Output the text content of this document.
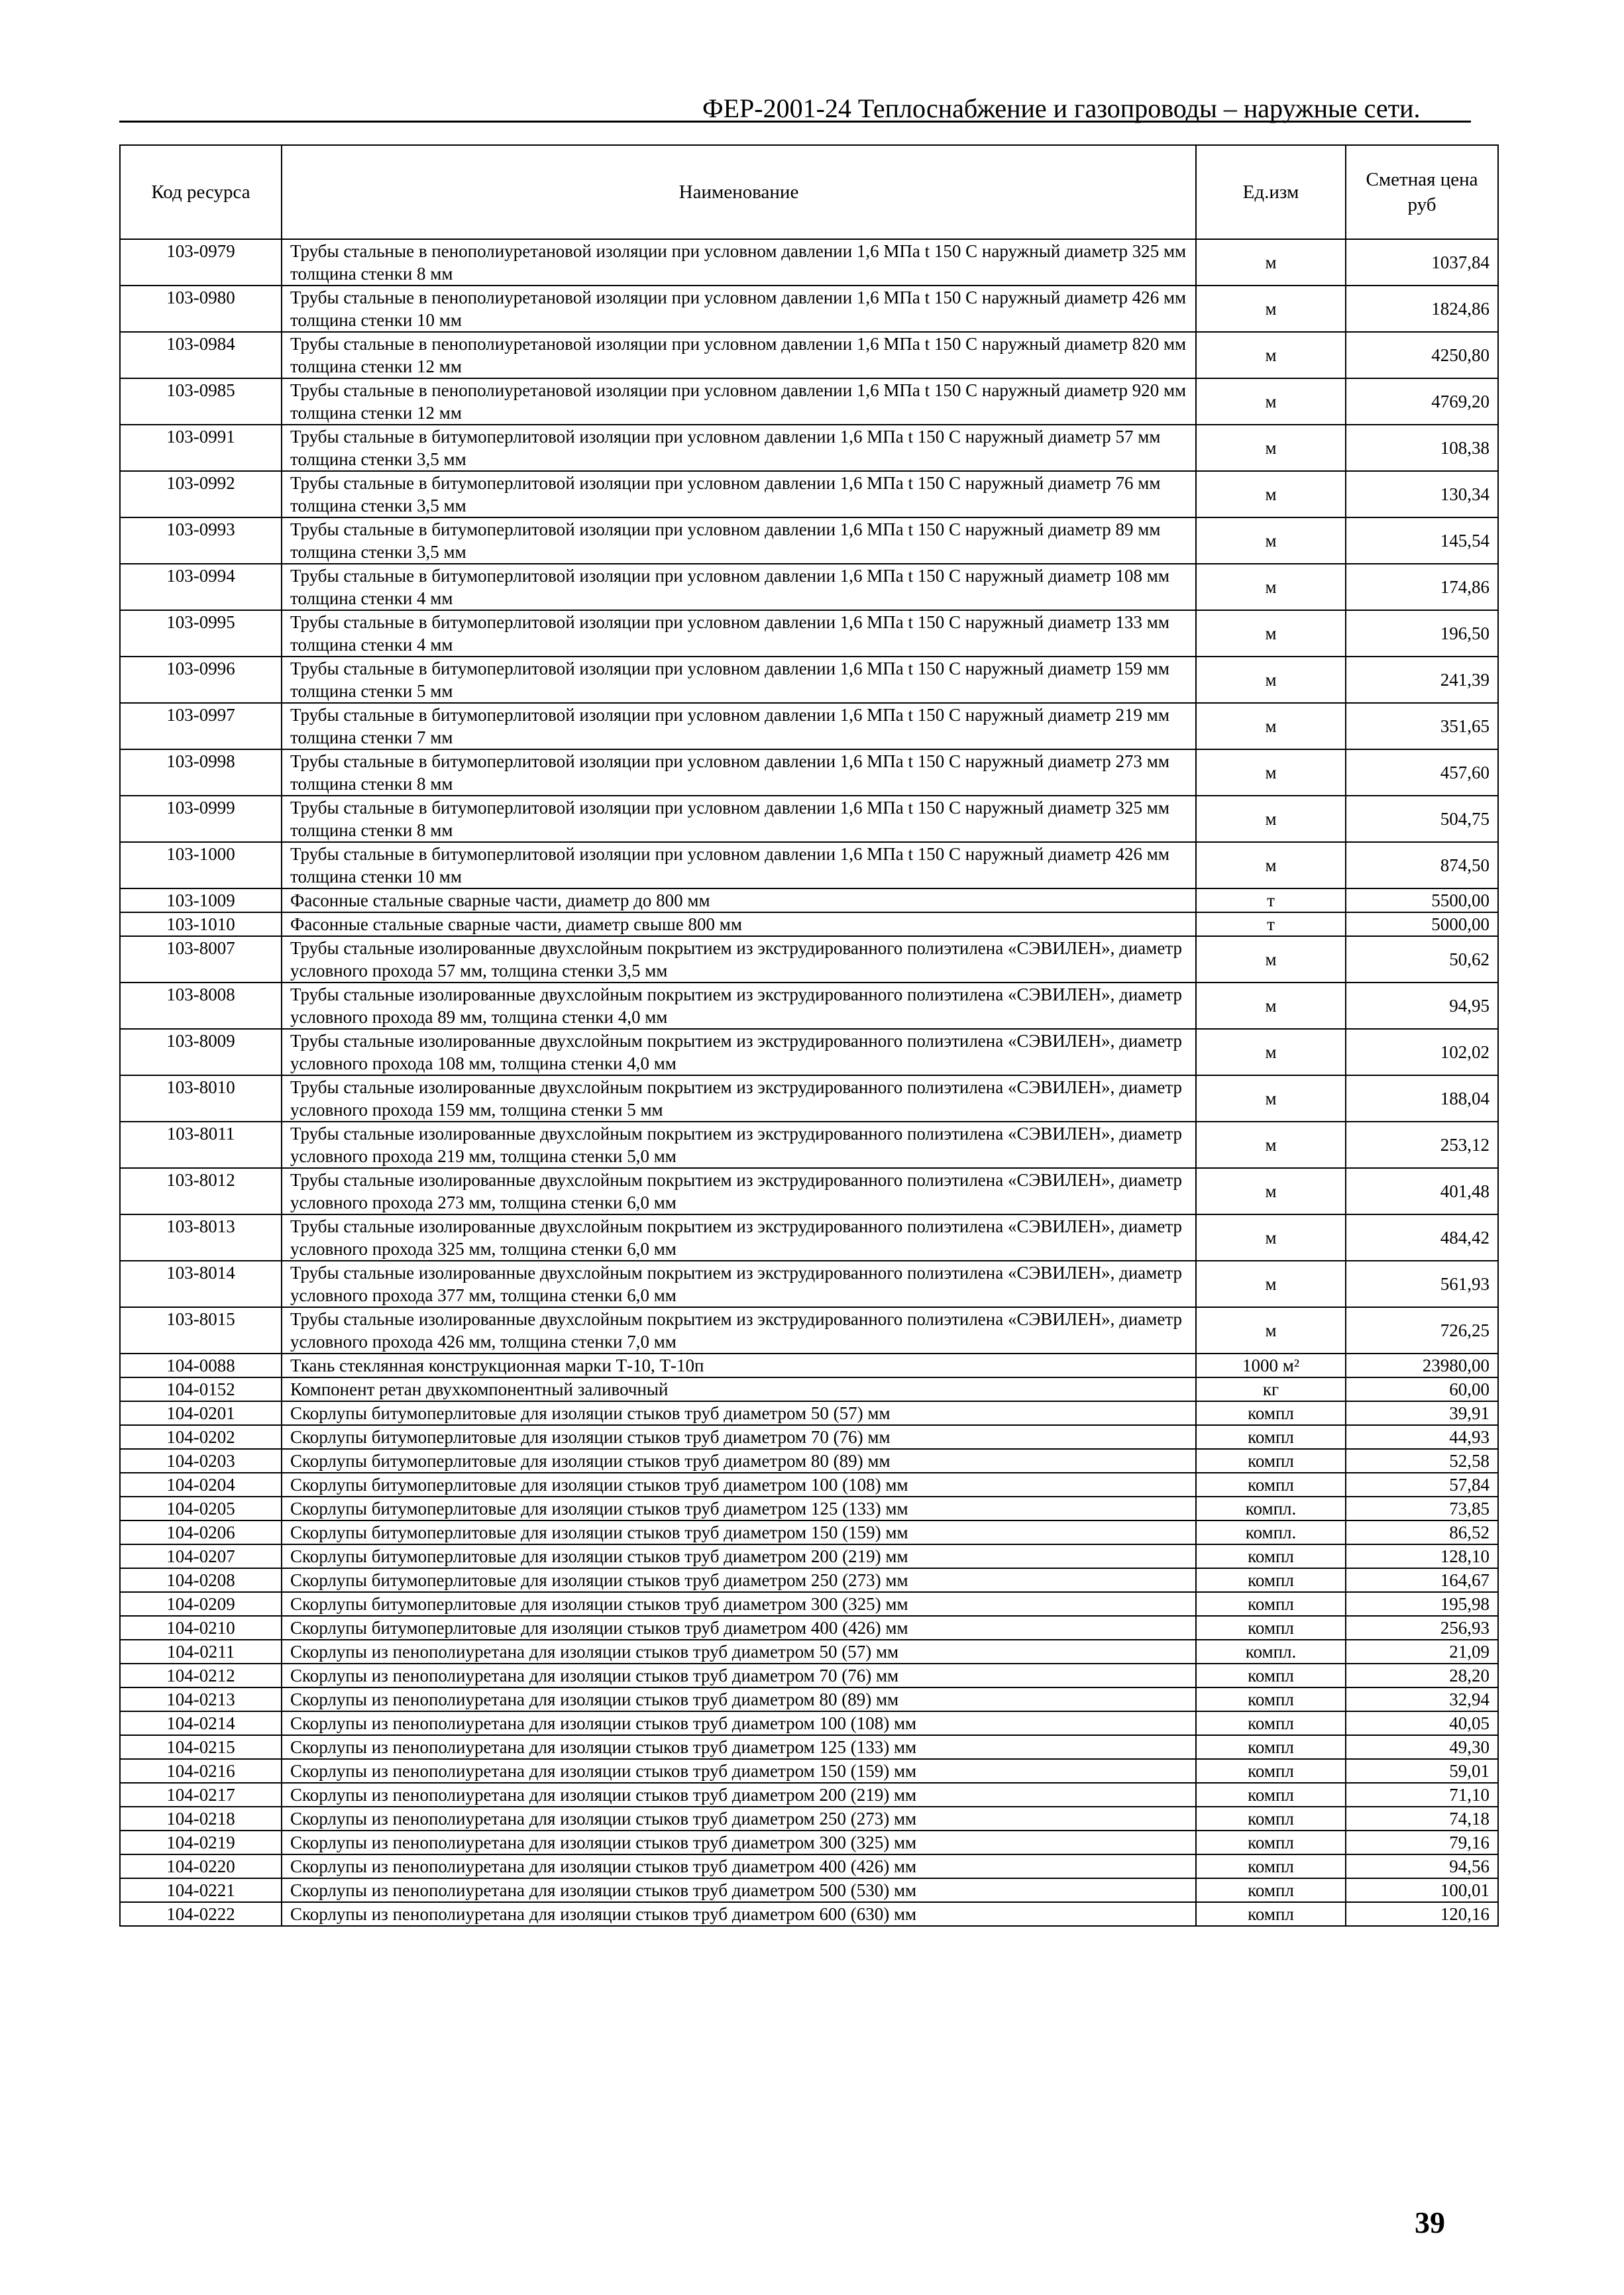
ФЕР-2001-24 Теплоснабжение и газопроводы – наружные сети.
Код ресурса	Наименование	Ед.изм	Сметная цена руб
103-0979	Трубы стальные в пенополиуретановой изоляции при условном давлении 1,6 МПа t 150 С наружный диаметр 325 мм толщина стенки 8 мм	м	1037,84
103-0980	Трубы стальные в пенополиуретановой изоляции при условном давлении 1,6 МПа t 150 С наружный диаметр 426 мм толщина стенки 10 мм	м	1824,86
103-0984	Трубы стальные в пенополиуретановой изоляции при условном давлении 1,6 МПа t 150 С наружный диаметр 820 мм толщина стенки 12 мм	м	4250,80
103-0985	Трубы стальные в пенополиуретановой изоляции при условном давлении 1,6 МПа t 150 С наружный диаметр 920 мм толщина стенки 12 мм	м	4769,20
103-0991	Трубы стальные в битумоперлитовой изоляции при условном давлении 1,6 МПа t 150 С наружный диаметр 57 мм толщина стенки 3,5 мм	м	108,38
103-0992	Трубы стальные в битумоперлитовой изоляции при условном давлении 1,6 МПа t 150 С наружный диаметр 76 мм толщина стенки 3,5 мм	м	130,34
103-0993	Трубы стальные в битумоперлитовой изоляции при условном давлении 1,6 МПа t 150 С наружный диаметр 89 мм толщина стенки 3,5 мм	м	145,54
103-0994	Трубы стальные в битумоперлитовой изоляции при условном давлении 1,6 МПа t 150 С наружный диаметр 108 мм толщина стенки 4 мм	м	174,86
103-0995	Трубы стальные в битумоперлитовой изоляции при условном давлении 1,6 МПа t 150 С наружный диаметр 133 мм толщина стенки 4 мм	м	196,50
103-0996	Трубы стальные в битумоперлитовой изоляции при условном давлении 1,6 МПа t 150 С наружный диаметр 159 мм толщина стенки 5 мм	м	241,39
103-0997	Трубы стальные в битумоперлитовой изоляции при условном давлении 1,6 МПа t 150 С наружный диаметр 219 мм толщина стенки 7 мм	м	351,65
103-0998	Трубы стальные в битумоперлитовой изоляции при условном давлении 1,6 МПа t 150 С наружный диаметр 273 мм толщина стенки 8 мм	м	457,60
103-0999	Трубы стальные в битумоперлитовой изоляции при условном давлении 1,6 МПа t 150 С наружный диаметр 325 мм толщина стенки 8 мм	м	504,75
103-1000	Трубы стальные в битумоперлитовой изоляции при условном давлении 1,6 МПа t 150 С наружный диаметр 426 мм толщина стенки 10 мм	м	874,50
103-1009	Фасонные стальные сварные части, диаметр до 800 мм	т	5500,00
103-1010	Фасонные стальные сварные части, диаметр свыше 800 мм	т	5000,00
103-8007	Трубы стальные изолированные двухслойным покрытием из экструдированного полиэтилена «СЭВИЛЕН», диаметр условного прохода 57 мм, толщина стенки 3,5 мм	м	50,62
103-8008	Трубы стальные изолированные двухслойным покрытием из экструдированного полиэтилена «СЭВИЛЕН», диаметр условного прохода 89 мм, толщина стенки 4,0 мм	м	94,95
103-8009	Трубы стальные изолированные двухслойным покрытием из экструдированного полиэтилена «СЭВИЛЕН», диаметр условного прохода 108 мм, толщина стенки 4,0 мм	м	102,02
103-8010	Трубы стальные изолированные двухслойным покрытием из экструдированного полиэтилена «СЭВИЛЕН», диаметр условного прохода 159 мм, толщина стенки 5 мм	м	188,04
103-8011	Трубы стальные изолированные двухслойным покрытием из экструдированного полиэтилена «СЭВИЛЕН», диаметр условного прохода 219 мм, толщина стенки 5,0 мм	м	253,12
103-8012	Трубы стальные изолированные двухслойным покрытием из экструдированного полиэтилена «СЭВИЛЕН», диаметр условного прохода 273 мм, толщина стенки 6,0 мм	м	401,48
103-8013	Трубы стальные изолированные двухслойным покрытием из экструдированного полиэтилена «СЭВИЛЕН», диаметр условного прохода 325 мм, толщина стенки 6,0 мм	м	484,42
103-8014	Трубы стальные изолированные двухслойным покрытием из экструдированного полиэтилена «СЭВИЛЕН», диаметр условного прохода 377 мм, толщина стенки 6,0 мм	м	561,93
103-8015	Трубы стальные изолированные двухслойным покрытием из экструдированного полиэтилена «СЭВИЛЕН», диаметр условного прохода 426 мм, толщина стенки 7,0 мм	м	726,25
104-0088	Ткань стеклянная конструкционная марки Т-10, Т-10п	1000 м²	23980,00
104-0152	Компонент ретан двухкомпонентный заливочный	кг	60,00
104-0201	Скорлупы битумоперлитовые для изоляции стыков труб диаметром 50 (57) мм	компл	39,91
104-0202	Скорлупы битумоперлитовые для изоляции стыков труб диаметром 70 (76) мм	компл	44,93
104-0203	Скорлупы битумоперлитовые для изоляции стыков труб диаметром 80 (89) мм	компл	52,58
104-0204	Скорлупы битумоперлитовые для изоляции стыков труб диаметром 100 (108) мм	компл	57,84
104-0205	Скорлупы битумоперлитовые для изоляции стыков труб диаметром 125 (133) мм	компл.	73,85
104-0206	Скорлупы битумоперлитовые для изоляции стыков труб диаметром 150 (159) мм	компл.	86,52
104-0207	Скорлупы битумоперлитовые для изоляции стыков труб диаметром 200 (219) мм	компл	128,10
104-0208	Скорлупы битумоперлитовые для изоляции стыков труб диаметром 250 (273) мм	компл	164,67
104-0209	Скорлупы битумоперлитовые для изоляции стыков труб диаметром 300 (325) мм	компл	195,98
104-0210	Скорлупы битумоперлитовые для изоляции стыков труб диаметром 400 (426) мм	компл	256,93
104-0211	Скорлупы из пенополиуретана для изоляции стыков труб диаметром 50 (57) мм	компл.	21,09
104-0212	Скорлупы из пенополиуретана для изоляции стыков труб диаметром 70 (76) мм	компл	28,20
104-0213	Скорлупы из пенополиуретана для изоляции стыков труб диаметром 80 (89) мм	компл	32,94
104-0214	Скорлупы из пенополиуретана для изоляции стыков труб диаметром 100 (108) мм	компл	40,05
104-0215	Скорлупы из пенополиуретана для изоляции стыков труб диаметром 125 (133) мм	компл	49,30
104-0216	Скорлупы из пенополиуретана для изоляции стыков труб диаметром 150 (159) мм	компл	59,01
104-0217	Скорлупы из пенополиуретана для изоляции стыков труб диаметром 200 (219) мм	компл	71,10
104-0218	Скорлупы из пенополиуретана для изоляции стыков труб диаметром 250 (273) мм	компл	74,18
104-0219	Скорлупы из пенополиуретана для изоляции стыков труб диаметром 300 (325) мм	компл	79,16
104-0220	Скорлупы из пенополиуретана для изоляции стыков труб диаметром 400 (426) мм	компл	94,56
104-0221	Скорлупы из пенополиуретана для изоляции стыков труб диаметром 500 (530) мм	компл	100,01
104-0222	Скорлупы из пенополиуретана для изоляции стыков труб диаметром 600 (630) мм	компл	120,16
39
